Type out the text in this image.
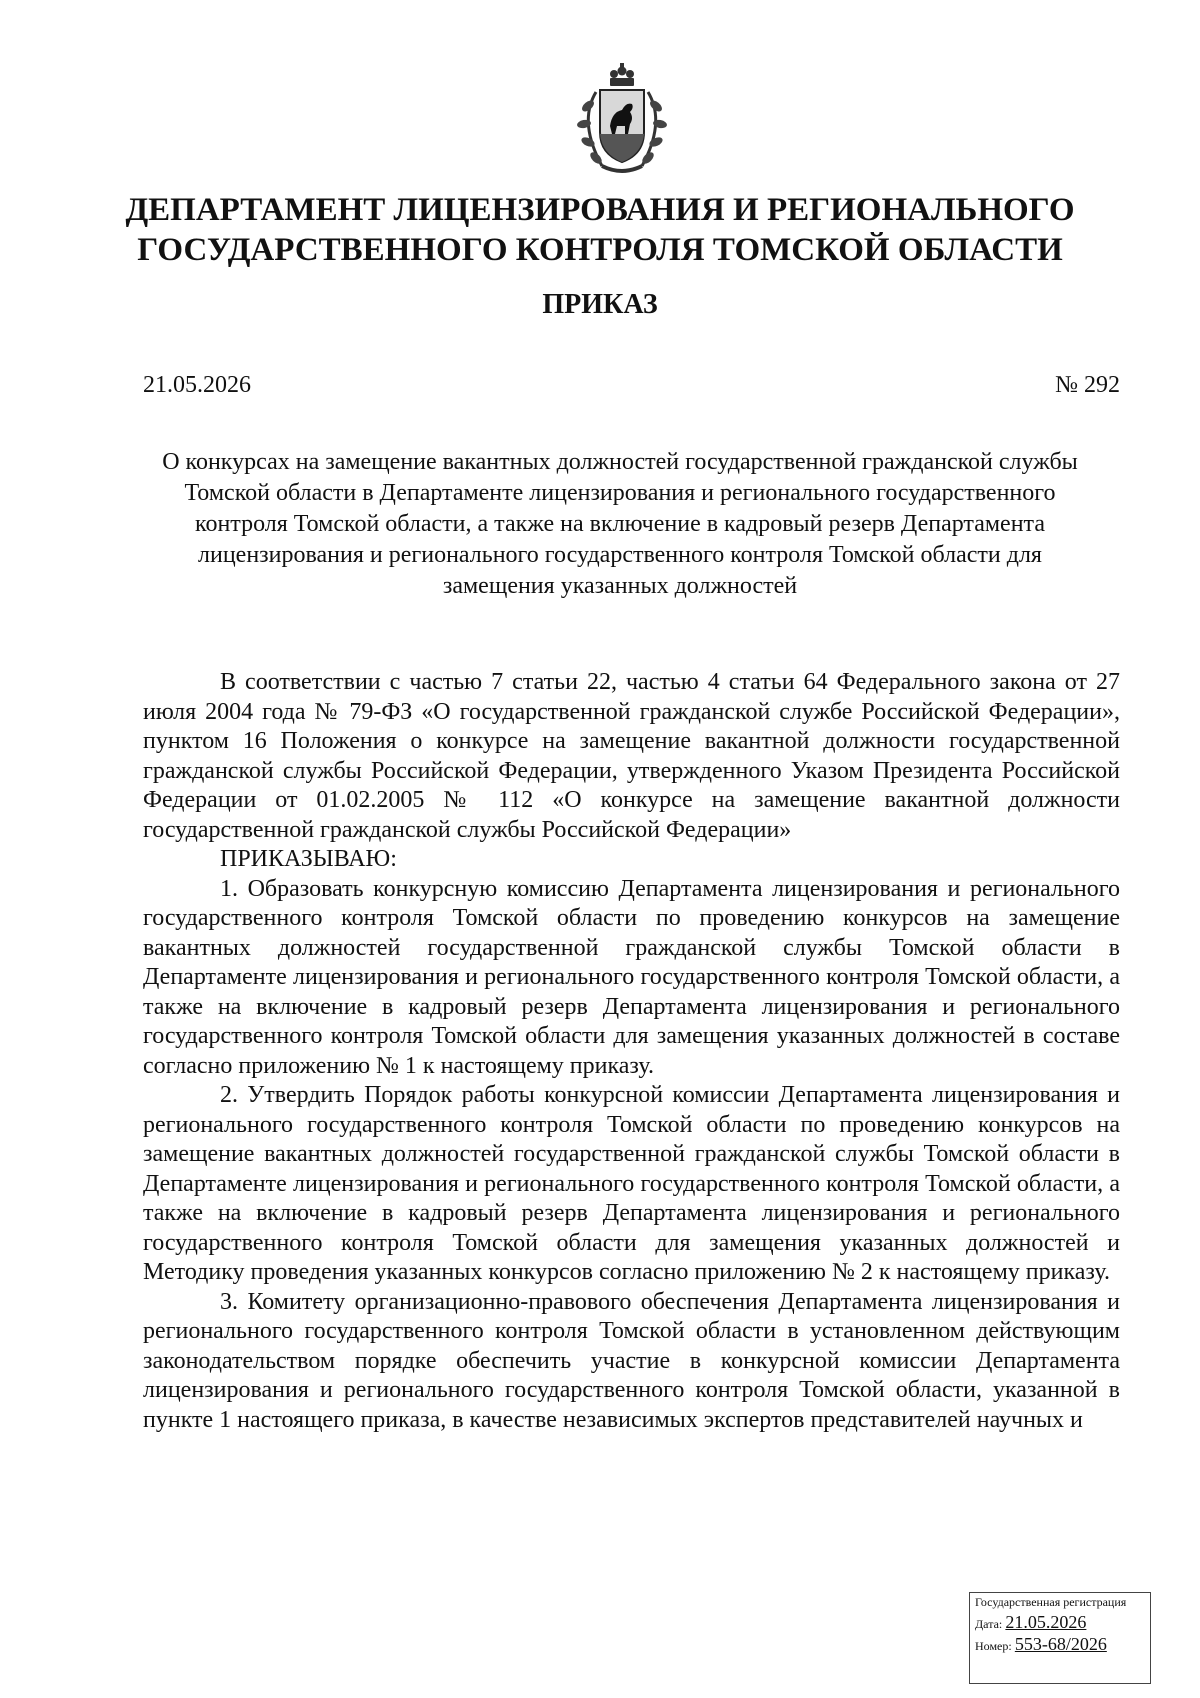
ДЕПАРТАМЕНТ ЛИЦЕНЗИРОВАНИЯ И РЕГИОНАЛЬНОГО
ГОСУДАРСТВЕННОГО КОНТРОЛЯ ТОМСКОЙ ОБЛАСТИ
ПРИКАЗ
21.05.2026	№ 292

О конкурсах на замещение вакантных должностей государственной гражданской службы Томской области в Департаменте лицензирования и регионального государственного контроля Томской области, а также на включение в кадровый резерв Департамента лицензирования и регионального государственного контроля Томской области для замещения указанных должностей

В соответствии с частью 7 статьи 22, частью 4 статьи 64 Федерального закона от 27 июля 2004 года № 79-ФЗ «О государственной гражданской службе Российской Федерации», пунктом 16 Положения о конкурсе на замещение вакантной должности государственной гражданской службы Российской Федерации, утвержденного Указом Президента Российской Федерации от 01.02.2005 № 112 «О конкурсе на замещение вакантной должности государственной гражданской службы Российской Федерации»

ПРИКАЗЫВАЮ:

1. Образовать конкурсную комиссию Департамента лицензирования и регионального государственного контроля Томской области по проведению конкурсов на замещение вакантных должностей государственной гражданской службы Томской области в Департаменте лицензирования и регионального государственного контроля Томской области, а также на включение в кадровый резерв Департамента лицензирования и регионального государственного контроля Томской области для замещения указанных должностей в составе согласно приложению № 1 к настоящему приказу.

2. Утвердить Порядок работы конкурсной комиссии Департамента лицензирования и регионального государственного контроля Томской области по проведению конкурсов на замещение вакантных должностей государственной гражданской службы Томской области в Департаменте лицензирования и регионального государственного контроля Томской области, а также на включение в кадровый резерв Департамента лицензирования и регионального государственного контроля Томской области для замещения указанных должностей и Методику проведения указанных конкурсов согласно приложению № 2 к настоящему приказу.

3. Комитету организационно-правового обеспечения Департамента лицензирования и регионального государственного контроля Томской области в установленном действующим законодательством порядке обеспечить участие в конкурсной комиссии Департамента лицензирования и регионального государственного контроля Томской области, указанной в пункте 1 настоящего приказа, в качестве независимых экспертов представителей научных и

Государственная регистрация
Дата: 21.05.2026
Номер: 553-68/2026
